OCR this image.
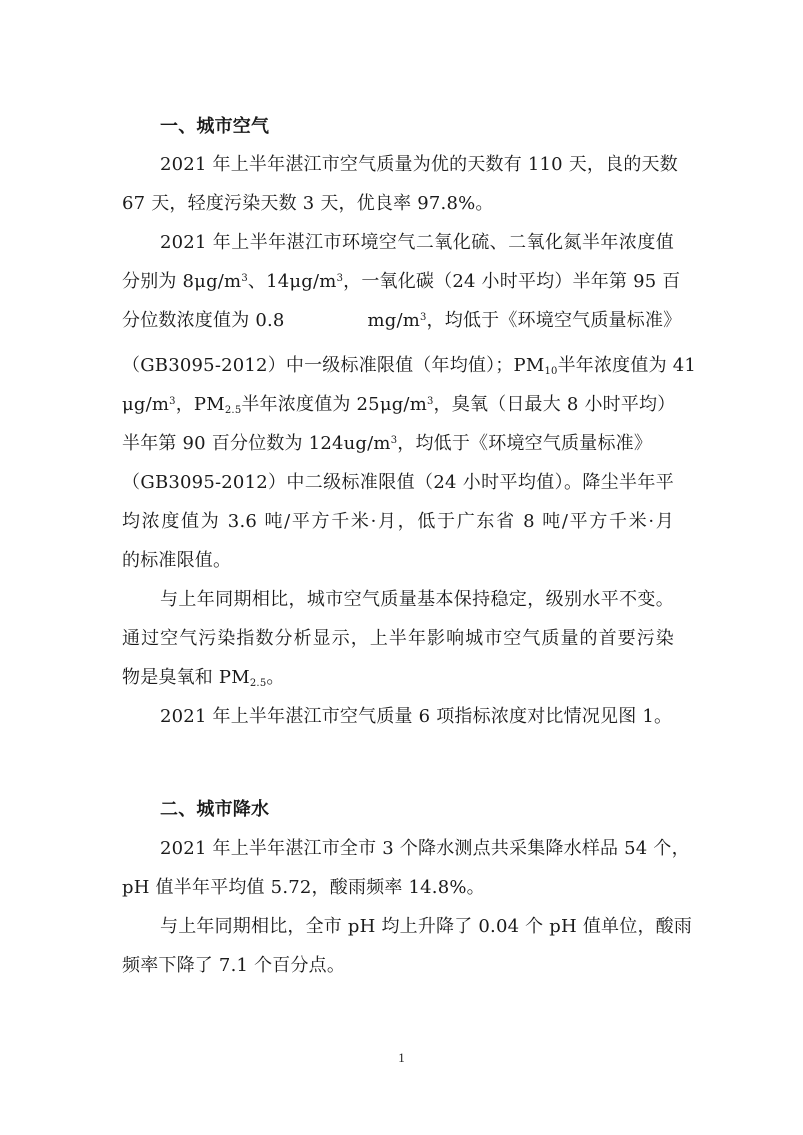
一、城市空气
2021 年上半年湛江市空气质量为优的天数有 110 天，良的天数
67 天，轻度污染天数 3 天，优良率 97.8%。
2021 年上半年湛江市环境空气二氧化硫、二氧化氮半年浓度值
分别为 $8\mu g/m^3$、$14\mu g/m^3$，一氧化碳（24 小时平均）半年第 95 百
分位数浓度值为 0.8              $mg/m^3$，均低于《环境空气质量标准》
（GB3095-2012）中一级标准限值（年均值）；$PM_{10}$半年浓度值为 41
$\mu g/m^3$，$PM_{2.5}$半年浓度值为 $25\mu g/m^3$，臭氧（日最大 8 小时平均）
半年第 90 百分位数为 $124ug/m^3$，均低于《环境空气质量标准》
（GB3095-2012）中二级标准限值（24 小时平均值）。降尘半年平
均浓度值为 3.6 吨/平方千米·月，低于广东省 8 吨/平方千米·月
的标准限值。
与上年同期相比，城市空气质量基本保持稳定，级别水平不变。
通过空气污染指数分析显示，上半年影响城市空气质量的首要污染
物是臭氧和 $PM_{2.5}$。
2021 年上半年湛江市空气质量 6 项指标浓度对比情况见图 1。
二、城市降水
2021 年上半年湛江市全市 3 个降水测点共采集降水样品 54 个，
pH 值半年平均值 5.72，酸雨频率 14.8%。
与上年同期相比，全市 pH 均上升降了 0.04 个 pH 值单位，酸雨
频率下降了 7.1 个百分点。
1
